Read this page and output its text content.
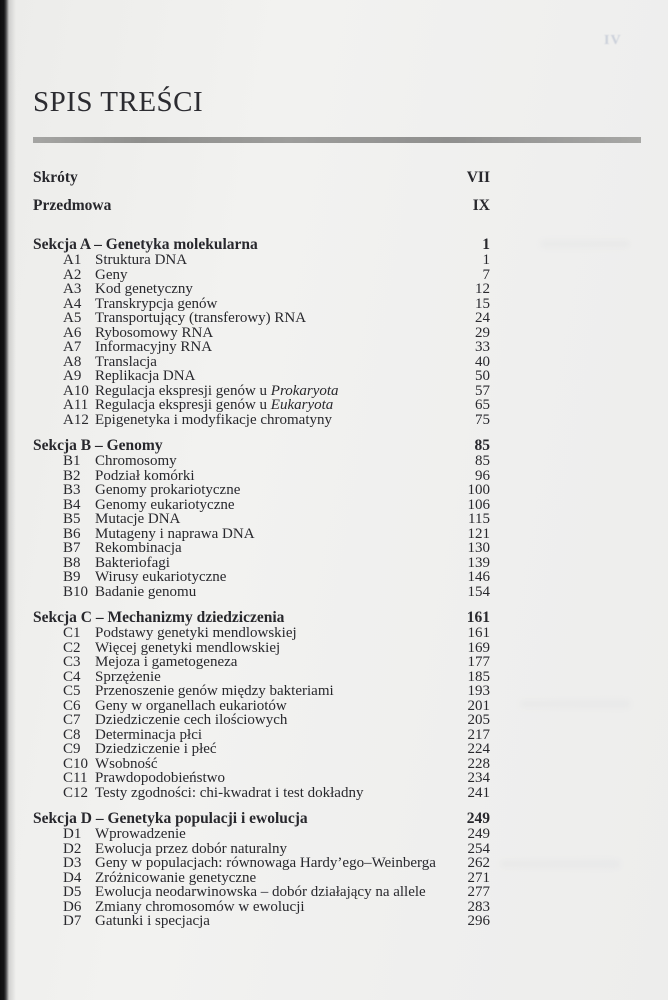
IV
SPIS TREŚCI
Skróty	VII
Przedmowa	IX
Sekcja A – Genetyka molekularna	1
A1 Struktura DNA	1
A2 Geny	7
A3 Kod genetyczny	12
A4 Transkrypcja genów	15
A5 Transportujący (transferowy) RNA	24
A6 Rybosomowy RNA	29
A7 Informacyjny RNA	33
A8 Translacja	40
A9 Replikacja DNA	50
A10 Regulacja ekspresji genów u Prokaryota	57
A11 Regulacja ekspresji genów u Eukaryota	65
A12 Epigenetyka i modyfikacje chromatyny	75
Sekcja B – Genomy	85
B1 Chromosomy	85
B2 Podział komórki	96
B3 Genomy prokariotyczne	100
B4 Genomy eukariotyczne	106
B5 Mutacje DNA	115
B6 Mutageny i naprawa DNA	121
B7 Rekombinacja	130
B8 Bakteriofagi	139
B9 Wirusy eukariotyczne	146
B10 Badanie genomu	154
Sekcja C – Mechanizmy dziedziczenia	161
C1 Podstawy genetyki mendlowskiej	161
C2 Więcej genetyki mendlowskiej	169
C3 Mejoza i gametogeneza	177
C4 Sprzężenie	185
C5 Przenoszenie genów między bakteriami	193
C6 Geny w organellach eukariotów	201
C7 Dziedziczenie cech ilościowych	205
C8 Determinacja płci	217
C9 Dziedziczenie i płeć	224
C10 Wsobność	228
C11 Prawdopodobieństwo	234
C12 Testy zgodności: chi-kwadrat i test dokładny	241
Sekcja D – Genetyka populacji i ewolucja	249
D1 Wprowadzenie	249
D2 Ewolucja przez dobór naturalny	254
D3 Geny w populacjach: równowaga Hardy’ego–Weinberga	262
D4 Zróżnicowanie genetyczne	271
D5 Ewolucja neodarwinowska – dobór działający na allele	277
D6 Zmiany chromosomów w ewolucji	283
D7 Gatunki i specjacja	296
